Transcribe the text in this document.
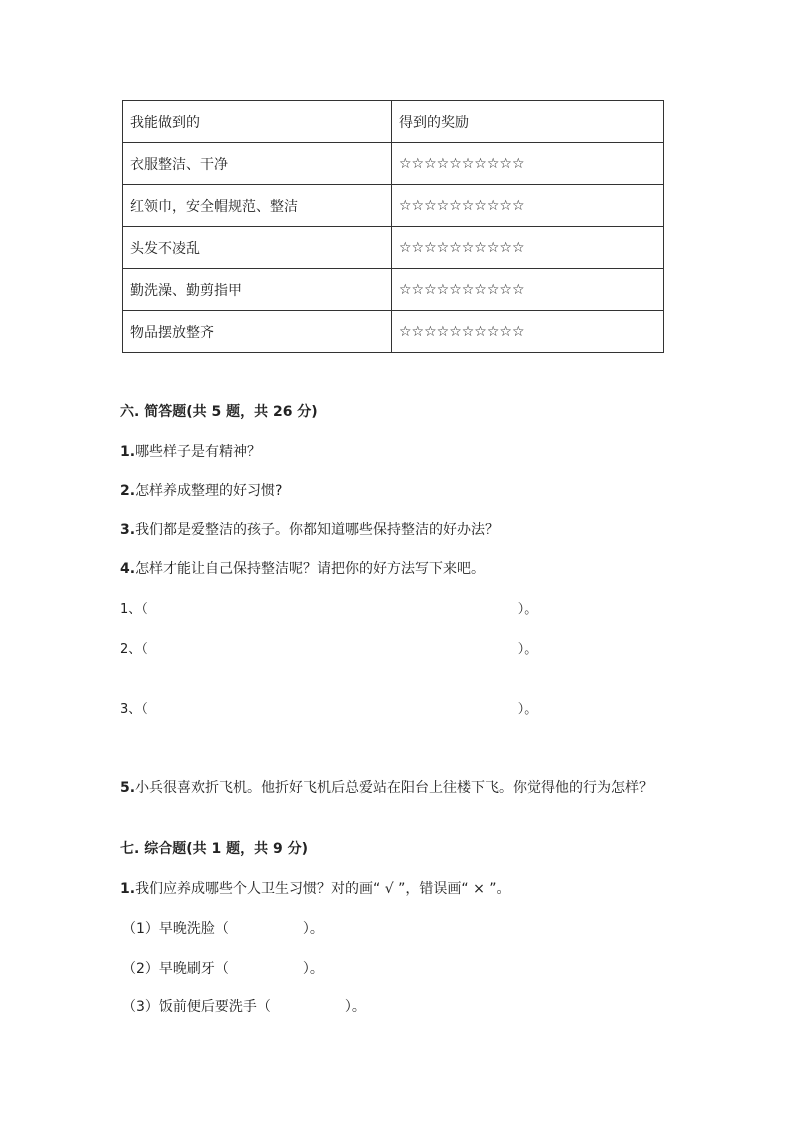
我能做到的	得到的奖励
衣服整洁、干净	☆☆☆☆☆☆☆☆☆☆
红领巾，安全帽规范、整洁	☆☆☆☆☆☆☆☆☆☆
头发不凌乱	☆☆☆☆☆☆☆☆☆☆
勤洗澡、勤剪指甲	☆☆☆☆☆☆☆☆☆☆
物品摆放整齐	☆☆☆☆☆☆☆☆☆☆
六. 简答题(共 5 题，共 26 分)
1.哪些样子是有精神？
2.怎样养成整理的好习惯?
3.我们都是爱整洁的孩子。你都知道哪些保持整洁的好办法？
4.怎样才能让自己保持整洁呢？请把你的好方法写下来吧。
1、（	）。
2、（	）。
3、（	）。
5.小兵很喜欢折飞机。他折好飞机后总爱站在阳台上往楼下飞。你觉得他的行为怎样？
七. 综合题(共 1 题，共 9 分)
1.我们应养成哪些个人卫生习惯？对的画“ √ ”，错误画“ × ”。
（1）早晚洗脸（	）。
（2）早晚刷牙（	）。
（3）饭前便后要洗手（	）。
